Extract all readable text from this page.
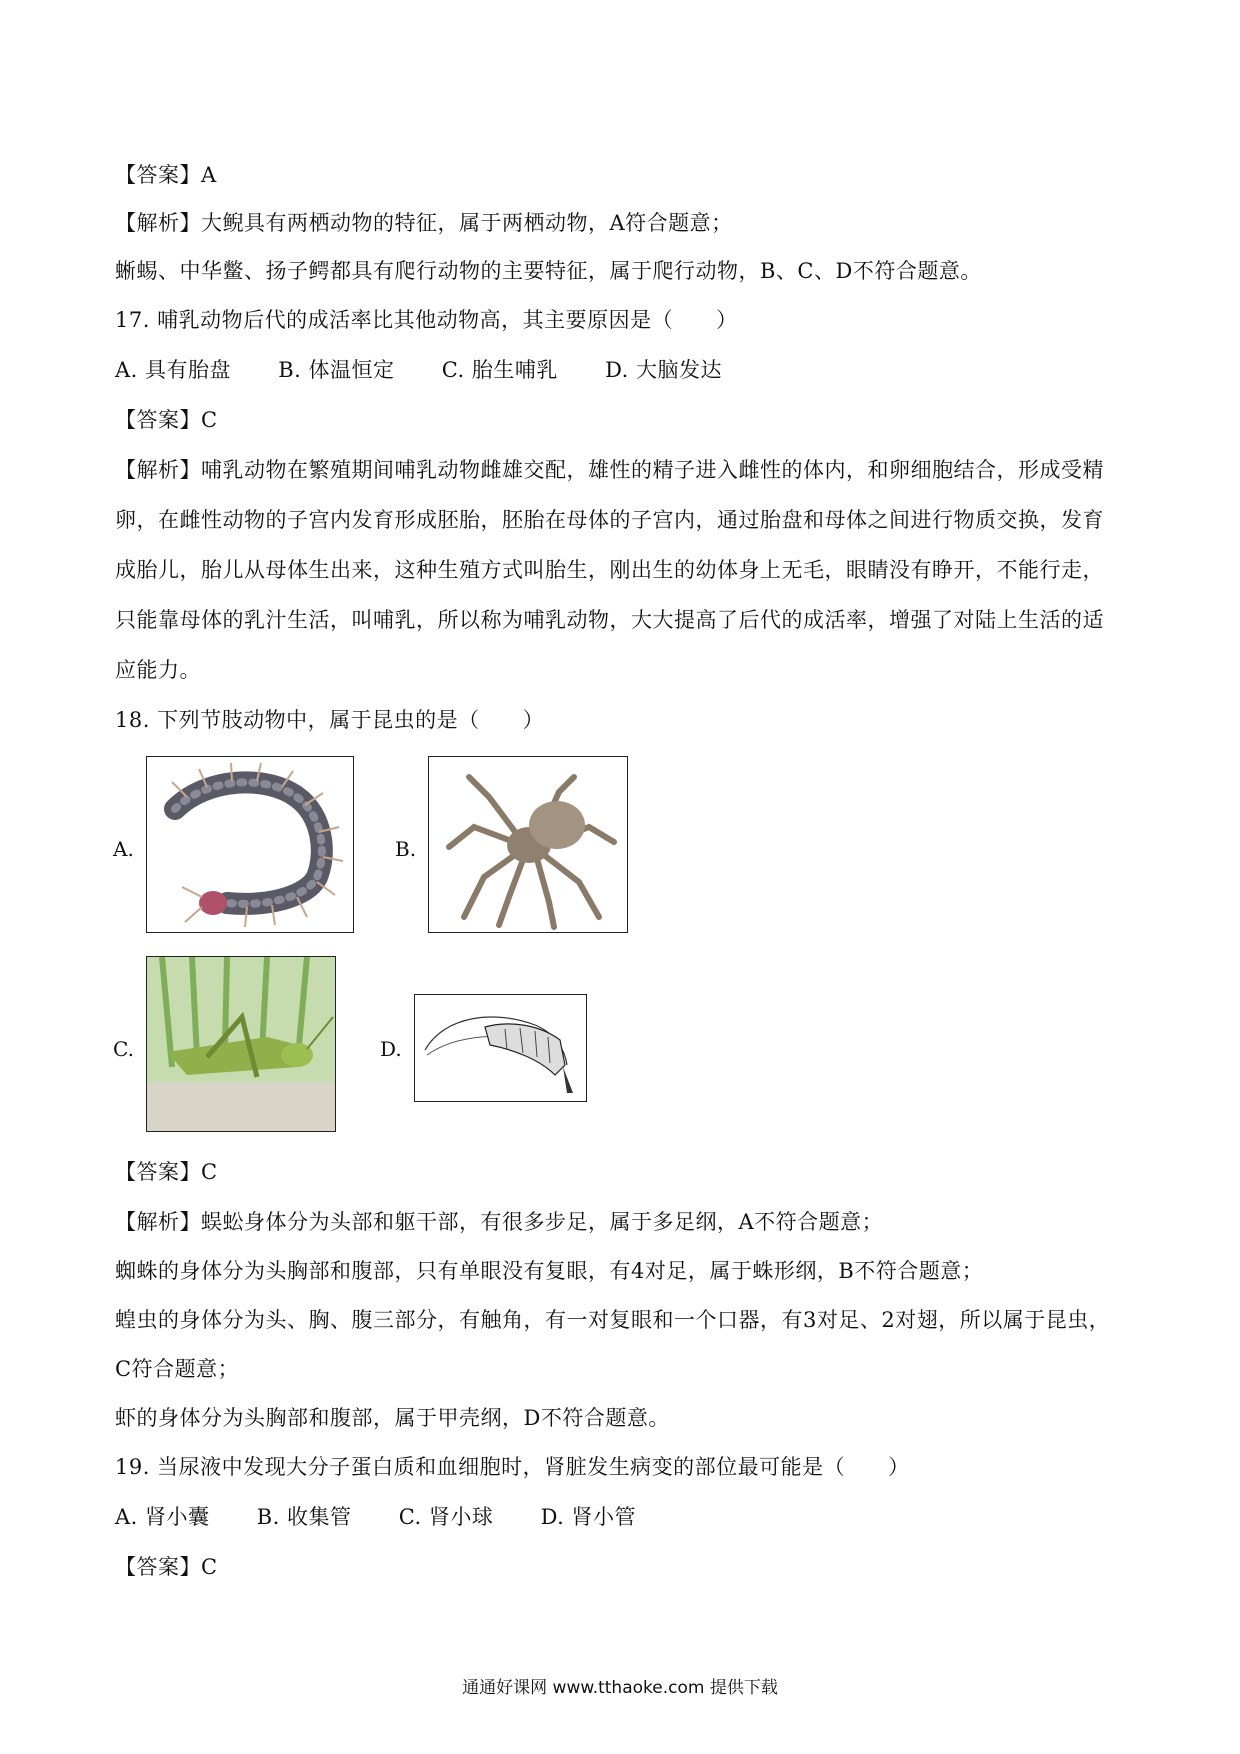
【答案】A
【解析】大鲵具有两栖动物的特征，属于两栖动物，A符合题意；
蜥蜴、中华鳖、扬子鳄都具有爬行动物的主要特征，属于爬行动物，B、C、D不符合题意。
17. 哺乳动物后代的成活率比其他动物高，其主要原因是（　　）
A. 具有胎盘 B. 体温恒定 C. 胎生哺乳 D. 大脑发达
【答案】C
【解析】哺乳动物在繁殖期间哺乳动物雌雄交配，雄性的精子进入雌性的体内，和卵细胞结合，形成受精
卵，在雌性动物的子宫内发育形成胚胎，胚胎在母体的子宫内，通过胎盘和母体之间进行物质交换，发育
成胎儿，胎儿从母体生出来，这种生殖方式叫胎生，刚出生的幼体身上无毛，眼睛没有睁开，不能行走，
只能靠母体的乳汁生活，叫哺乳，所以称为哺乳动物，大大提高了后代的成活率，增强了对陆上生活的适
应能力。
18. 下列节肢动物中，属于昆虫的是（　　）
A.	B.
C.	D.
【答案】C
【解析】蜈蚣身体分为头部和躯干部，有很多步足，属于多足纲，A不符合题意；
蜘蛛的身体分为头胸部和腹部，只有单眼没有复眼，有4对足，属于蛛形纲，B不符合题意；
蝗虫的身体分为头、胸、腹三部分，有触角，有一对复眼和一个口器，有3对足、2对翅，所以属于昆虫，
C符合题意；
虾的身体分为头胸部和腹部，属于甲壳纲，D不符合题意。
19. 当尿液中发现大分子蛋白质和血细胞时，肾脏发生病变的部位最可能是（　　）
A. 肾小囊 B. 收集管 C. 肾小球 D. 肾小管
【答案】C
通通好课网 www.tthaoke.com 提供下载
